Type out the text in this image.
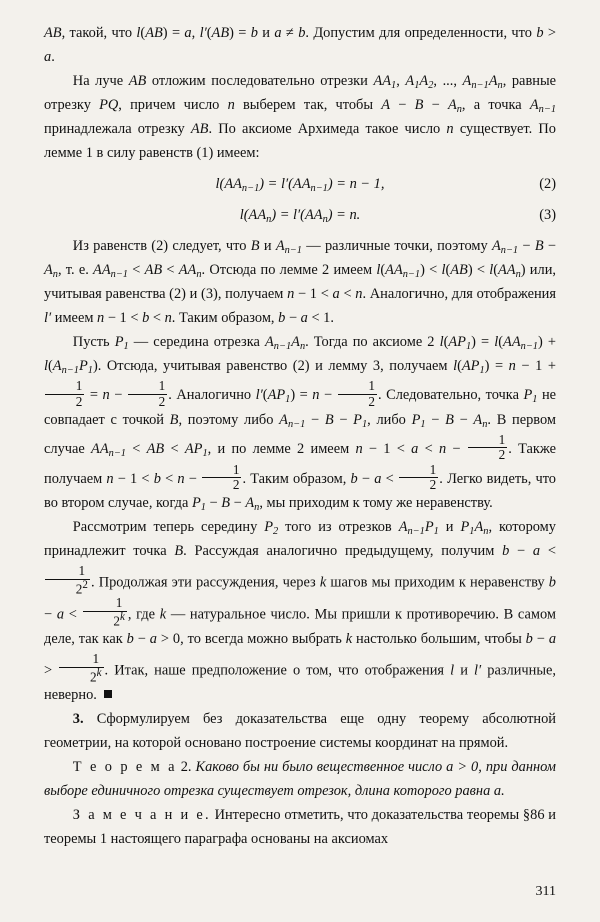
AB, такой, что l(AB) = a, l′(AB) = b и a ≠ b. Допустим для определенности, что b > a.

На луче AB отложим последовательно отрезки $AA_1$, $A_1A_2$, ..., $A_{n-1}A_n$, равные отрезку PQ, причем число n выберем так, чтобы $A - B - A_n$, а точка $A_{n-1}$ принадлежала отрезку AB. По аксиоме Архимеда такое число n существует. По лемме 1 в силу равенств (1) имеем:

$l(AA_{n-1}) = l'(AA_{n-1}) = n - 1$,	(2)
$l(AA_n) = l'(AA_n) = n$.	(3)

Из равенств (2) следует, что B и $A_{n-1}$ — различные точки, поэтому $A_{n-1} - B - A_n$, т. е. $AA_{n-1}$ < AB < $AA_n$. Отсюда по лемме 2 имеем $l(AA_{n-1}) < l(AB) < l(AA_n)$ или, учитывая равенства (2) и (3), получаем n − 1 < a < n. Аналогично, для отображения l′ имеем n − 1 < b < n. Таким образом, b − a < 1.

Пусть $P_1$ — середина отрезка $A_{n-1}A_n$. Тогда по аксиоме 2 $l(AP_1) = l(AA_{n-1}) + l(A_{n-1}P_1)$. Отсюда, учитывая равенство (2) и лемму 3, получаем $l(AP_1) = n - 1$ +
$\frac{1}{2} = n - \frac{1}{2}$ . Аналогично $l'(AP_1) = n - \frac{1}{2}$ . Следовательно, точка $P_1$ не совпадает с точкой B, поэтому либо $A_{n-1} - B - P_1$, либо $P_1 - B - A_n$. В первом случае $AA_{n-1}$ < AB < $AP_1$, и по лемме 2 имеем $n - 1 < a < n - \frac{1}{2}$ . Также получаем $n - 1 < b < n - \frac{1}{2}$ . Таким образом, $b - a < \frac{1}{2}$ . Легко видеть, что во втором случае, когда $P_1 - B - A_n$, мы приходим к тому же неравенству.

Рассмотрим теперь середину $P_2$ того из отрезков $A_{n-1}P_1$ и $P_1A_n$, которому принадлежит точка B. Рассуждая аналогично предыдущему, получим b − a <
$\frac{1}{2^2}$ . Продолжая эти рассуждения, через k шагов мы приходим к неравенству $b - a < \frac{1}{2^k}$ , где k — натуральное число. Мы пришли к противоречию. В самом деле, так как b − a > 0, то всегда можно выбрать k настолько большим, чтобы $b - a > \frac{1}{2^k}$ . Итак, наше предположение о том, что отображения l и l′ различные, неверно.

3. Сформулируем без доказательства еще одну теорему абсолютной геометрии, на которой основано построение системы координат на прямой.

Т е о р е м а 2. Каково бы ни было вещественное число a > 0, при данном выборе единичного отрезка существует отрезок, длина которого равна a.

З а м е ч а н и е. Интересно отметить, что доказательства теоремы §86 и теоремы 1 настоящего параграфа основаны на аксиомах

311
